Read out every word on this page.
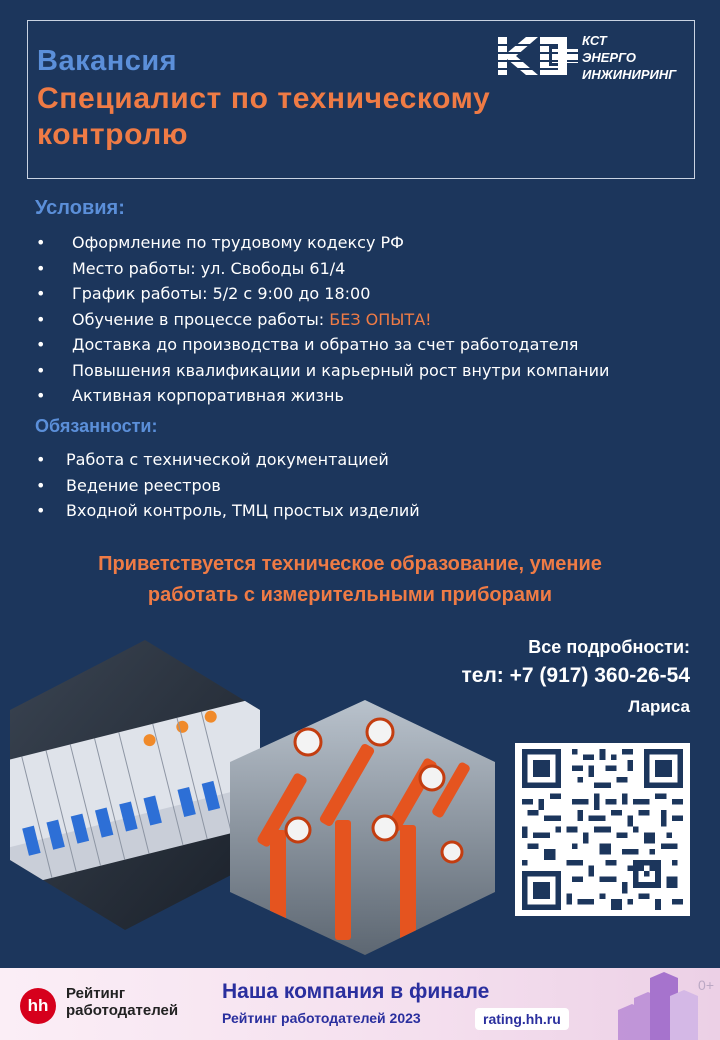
Вакансия
Специалист по техническому
контролю
КСТ
ЭНЕРГО
ИНЖИНИРИНГ
Условия:
• Оформление по трудовому кодексу РФ
• Место работы: ул. Свободы 61/4
• График работы: 5/2 с 9:00 до 18:00
• Обучение в процессе работы: БЕЗ ОПЫТА!
• Доставка до производства и обратно за счет работодателя
• Повышения квалификации и карьерный рост внутри компании
• Активная корпоративная жизнь
Обязанности:
• Работа с технической документацией
• Ведение реестров
• Входной контроль, ТМЦ простых изделий
Приветствуется техническое образование, умение
работать с измерительными приборами
Все подробности:
тел: +7 (917) 360-26-54
Лариса
hh
Рейтинг
работодателей
Наша компания в финале
Рейтинг работодателей 2023	rating.hh.ru
0+
